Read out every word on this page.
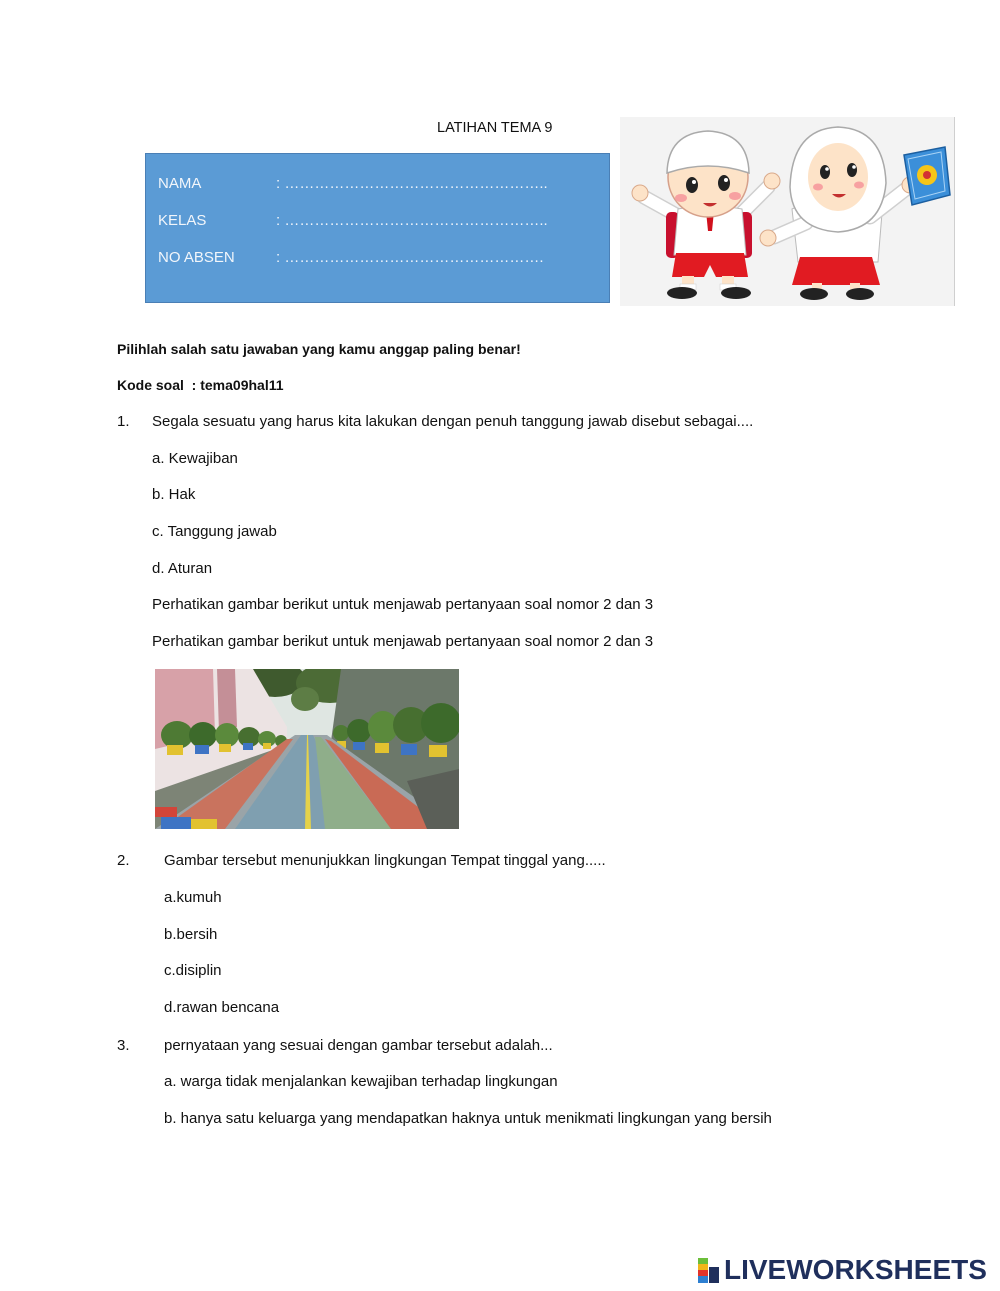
LATIHAN TEMA 9
NAMA	: ……………………………………………..
KELAS	: ……………………………………………..
NO ABSEN	: …………………………………………….
Pilihlah salah satu jawaban yang kamu anggap paling benar!
Kode soal  : tema09hal11
1. Segala sesuatu yang harus kita lakukan dengan penuh tanggung jawab disebut sebagai....
a. Kewajiban
b. Hak
c. Tanggung jawab
d. Aturan
Perhatikan gambar berikut untuk menjawab pertanyaan soal nomor 2 dan 3
Perhatikan gambar berikut untuk menjawab pertanyaan soal nomor 2 dan 3
2. Gambar tersebut menunjukkan lingkungan Tempat tinggal yang.....
a.kumuh
b.bersih
c.disiplin
d.rawan bencana
3. pernyataan yang sesuai dengan gambar tersebut adalah...
a. warga tidak menjalankan kewajiban terhadap lingkungan
b. hanya satu keluarga yang mendapatkan haknya untuk menikmati lingkungan yang bersih
LIVEWORKSHEETS
